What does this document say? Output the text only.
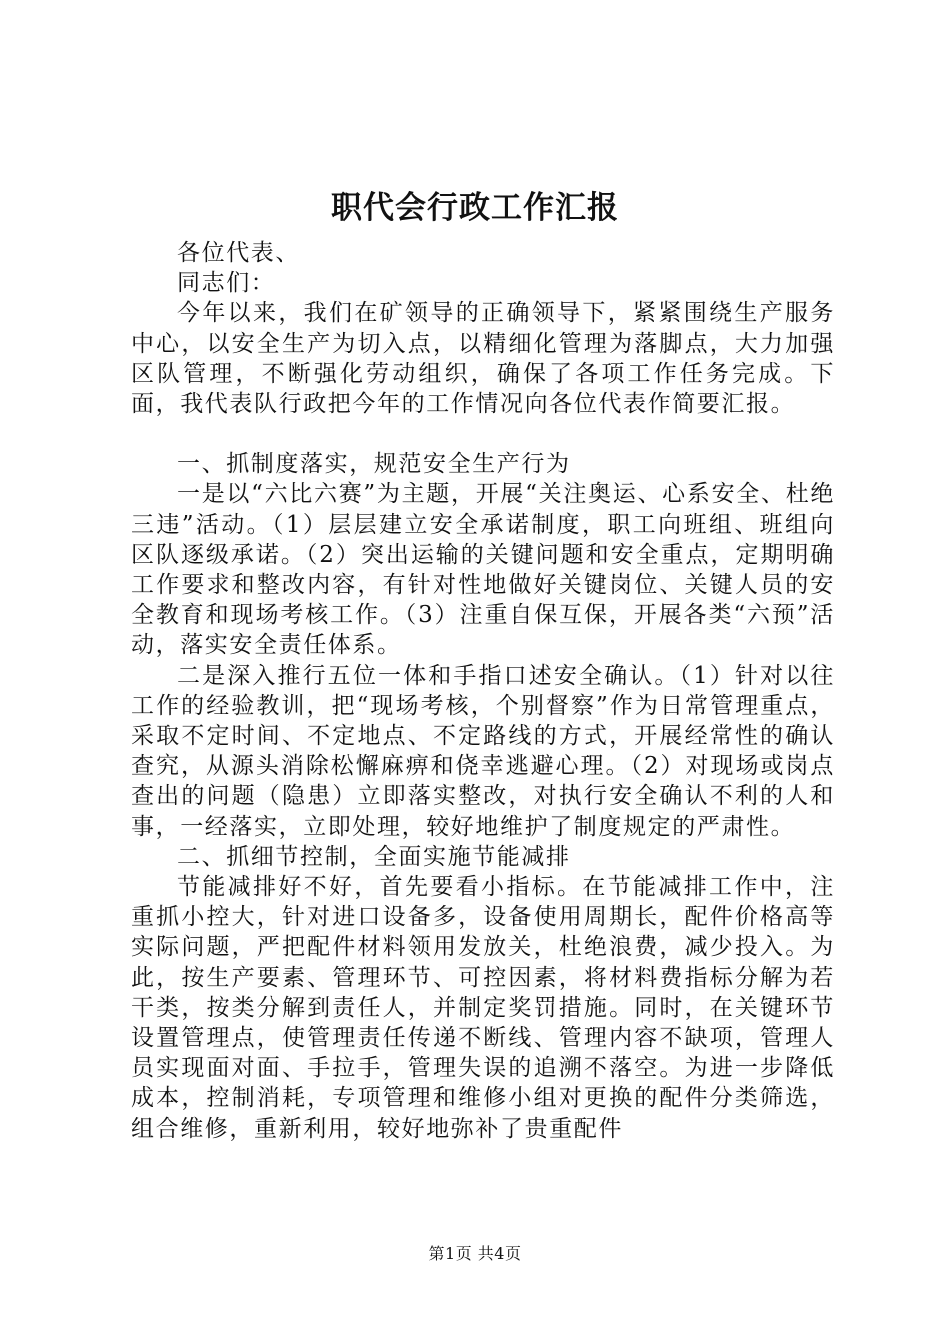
职代会行政工作汇报

各位代表、

同志们：

今年以来，我们在矿领导的正确领导下，紧紧围绕生产服务中心，以安全生产为切入点，以精细化管理为落脚点，大力加强区队管理，不断强化劳动组织，确保了各项工作任务完成。下面，我代表队行政把今年的工作情况向各位代表作简要汇报。

一、抓制度落实，规范安全生产行为

一是以“六比六赛”为主题，开展“关注奥运、心系安全、杜绝三违”活动。（1）层层建立安全承诺制度，职工向班组、班组向区队逐级承诺。（2）突出运输的关键问题和安全重点，定期明确工作要求和整改内容，有针对性地做好关键岗位、关键人员的安全教育和现场考核工作。（3）注重自保互保，开展各类“六预”活动，落实安全责任体系。

二是深入推行五位一体和手指口述安全确认。（1）针对以往工作的经验教训，把“现场考核，个别督察”作为日常管理重点，采取不定时间、不定地点、不定路线的方式，开展经常性的确认查究，从源头消除松懈麻痹和侥幸逃避心理。（2）对现场或岗点查出的问题（隐患）立即落实整改，对执行安全确认不利的人和事，一经落实，立即处理，较好地维护了制度规定的严肃性。

二、抓细节控制，全面实施节能减排

节能减排好不好，首先要看小指标。在节能减排工作中，注重抓小控大，针对进口设备多，设备使用周期长，配件价格高等实际问题，严把配件材料领用发放关，杜绝浪费，减少投入。为此，按生产要素、管理环节、可控因素，将材料费指标分解为若干类，按类分解到责任人，并制定奖罚措施。同时，在关键环节设置管理点，使管理责任传递不断线、管理内容不缺项，管理人员实现面对面、手拉手，管理失误的追溯不落空。为进一步降低成本，控制消耗，专项管理和维修小组对更换的配件分类筛选，组合维修，重新利用，较好地弥补了贵重配件

第1页 共4页
